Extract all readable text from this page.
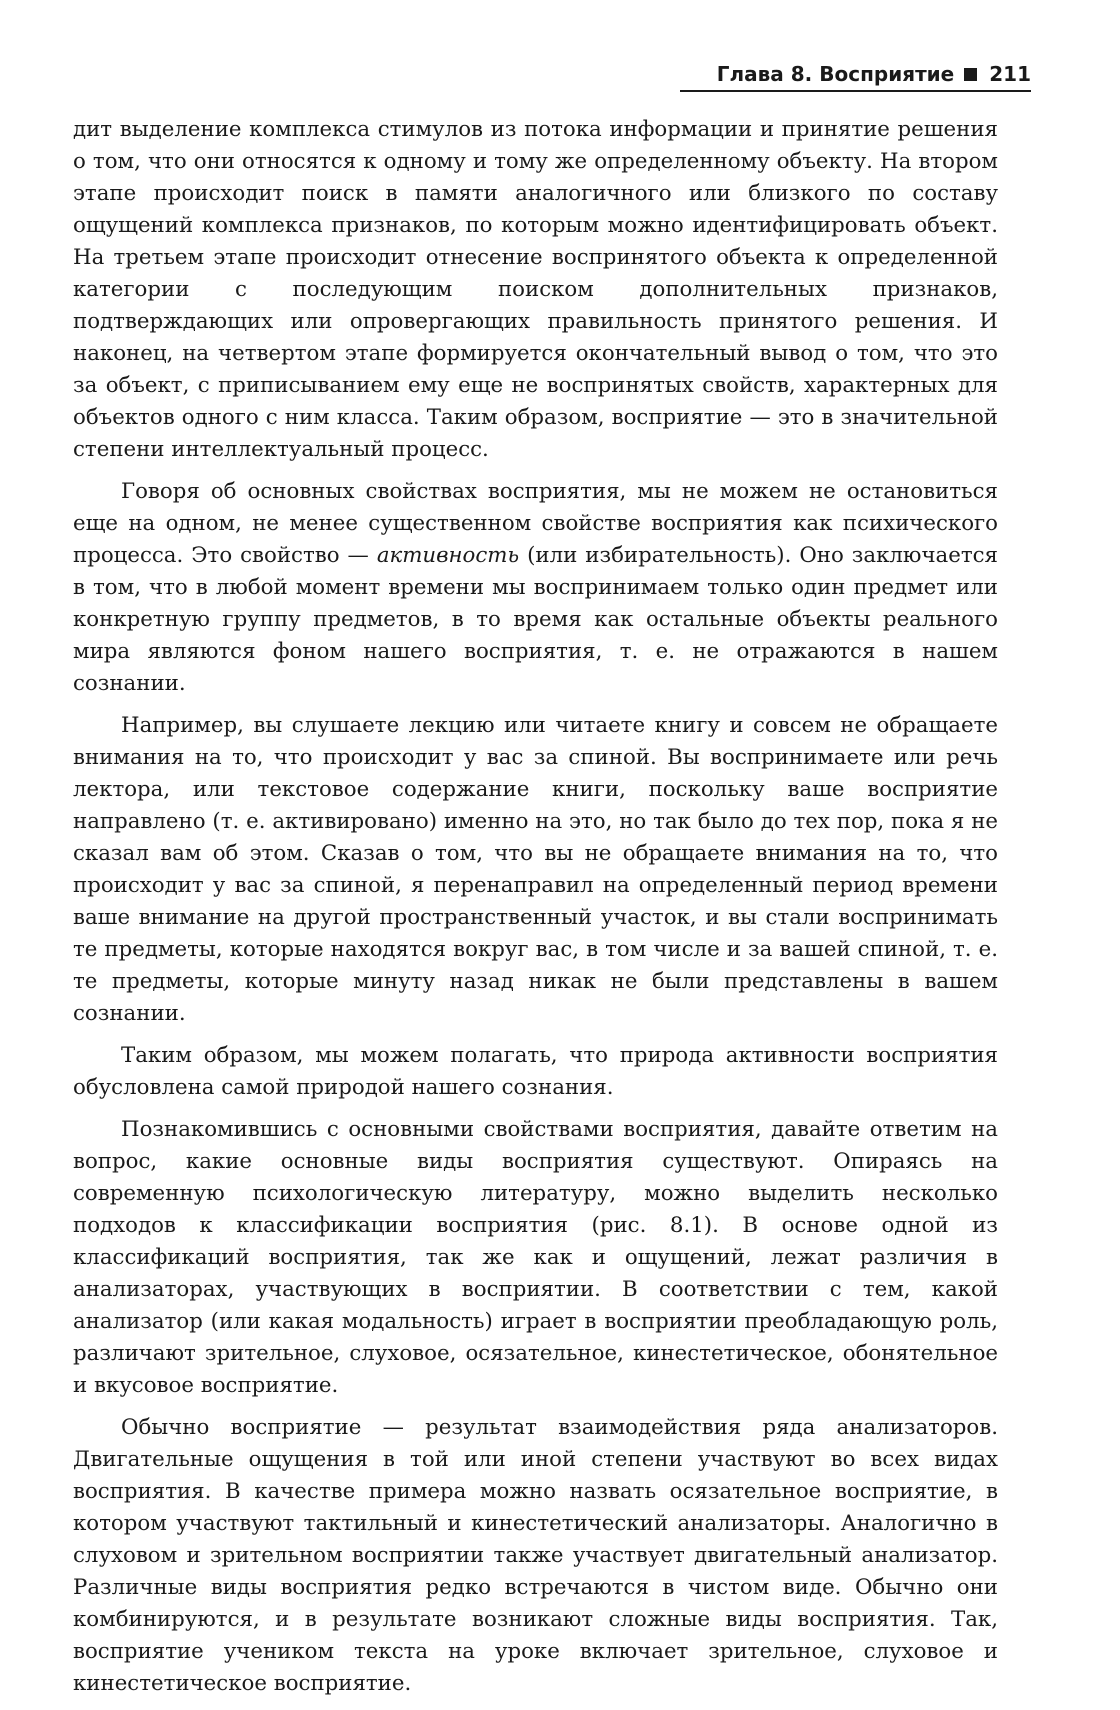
Глава 8. Восприятие 211

дит выделение комплекса стимулов из потока информации и принятие решения о том, что они относятся к одному и тому же определенному объекту. На втором этапе происходит поиск в памяти аналогичного или близкого по составу ощущений комплекса признаков, по которым можно идентифицировать объект. На третьем этапе происходит отнесение воспринятого объекта к определенной категории с последующим поиском дополнительных признаков, подтверждающих или опровергающих правильность принятого решения. И наконец, на четвертом этапе формируется окончательный вывод о том, что это за объект, с приписыванием ему еще не воспринятых свойств, характерных для объектов одного с ним класса. Таким образом, восприятие — это в значительной степени интеллектуальный процесс.

Говоря об основных свойствах восприятия, мы не можем не остановиться еще на одном, не менее существенном свойстве восприятия как психического процесса. Это свойство — активность (или избирательность). Оно заключается в том, что в любой момент времени мы воспринимаем только один предмет или конкретную группу предметов, в то время как остальные объекты реального мира являются фоном нашего восприятия, т. е. не отражаются в нашем сознании.

Например, вы слушаете лекцию или читаете книгу и совсем не обращаете внимания на то, что происходит у вас за спиной. Вы воспринимаете или речь лектора, или текстовое содержание книги, поскольку ваше восприятие направлено (т. е. активировано) именно на это, но так было до тех пор, пока я не сказал вам об этом. Сказав о том, что вы не обращаете внимания на то, что происходит у вас за спиной, я перенаправил на определенный период времени ваше внимание на другой пространственный участок, и вы стали воспринимать те предметы, которые находятся вокруг вас, в том числе и за вашей спиной, т. е. те предметы, которые минуту назад никак не были представлены в вашем сознании.

Таким образом, мы можем полагать, что природа активности восприятия обусловлена самой природой нашего сознания.

Познакомившись с основными свойствами восприятия, давайте ответим на вопрос, какие основные виды восприятия существуют. Опираясь на современную психологическую литературу, можно выделить несколько подходов к классификации восприятия (рис. 8.1). В основе одной из классификаций восприятия, так же как и ощущений, лежат различия в анализаторах, участвующих в восприятии. В соответствии с тем, какой анализатор (или какая модальность) играет в восприятии преобладающую роль, различают зрительное, слуховое, осязательное, кинестетическое, обонятельное и вкусовое восприятие.

Обычно восприятие — результат взаимодействия ряда анализаторов. Двигательные ощущения в той или иной степени участвуют во всех видах восприятия. В качестве примера можно назвать осязательное восприятие, в котором участвуют тактильный и кинестетический анализаторы. Аналогично в слуховом и зрительном восприятии также участвует двигательный анализатор. Различные виды восприятия редко встречаются в чистом виде. Обычно они комбинируются, и в результате возникают сложные виды восприятия. Так, восприятие учеником текста на уроке включает зрительное, слуховое и кинестетическое восприятие.
